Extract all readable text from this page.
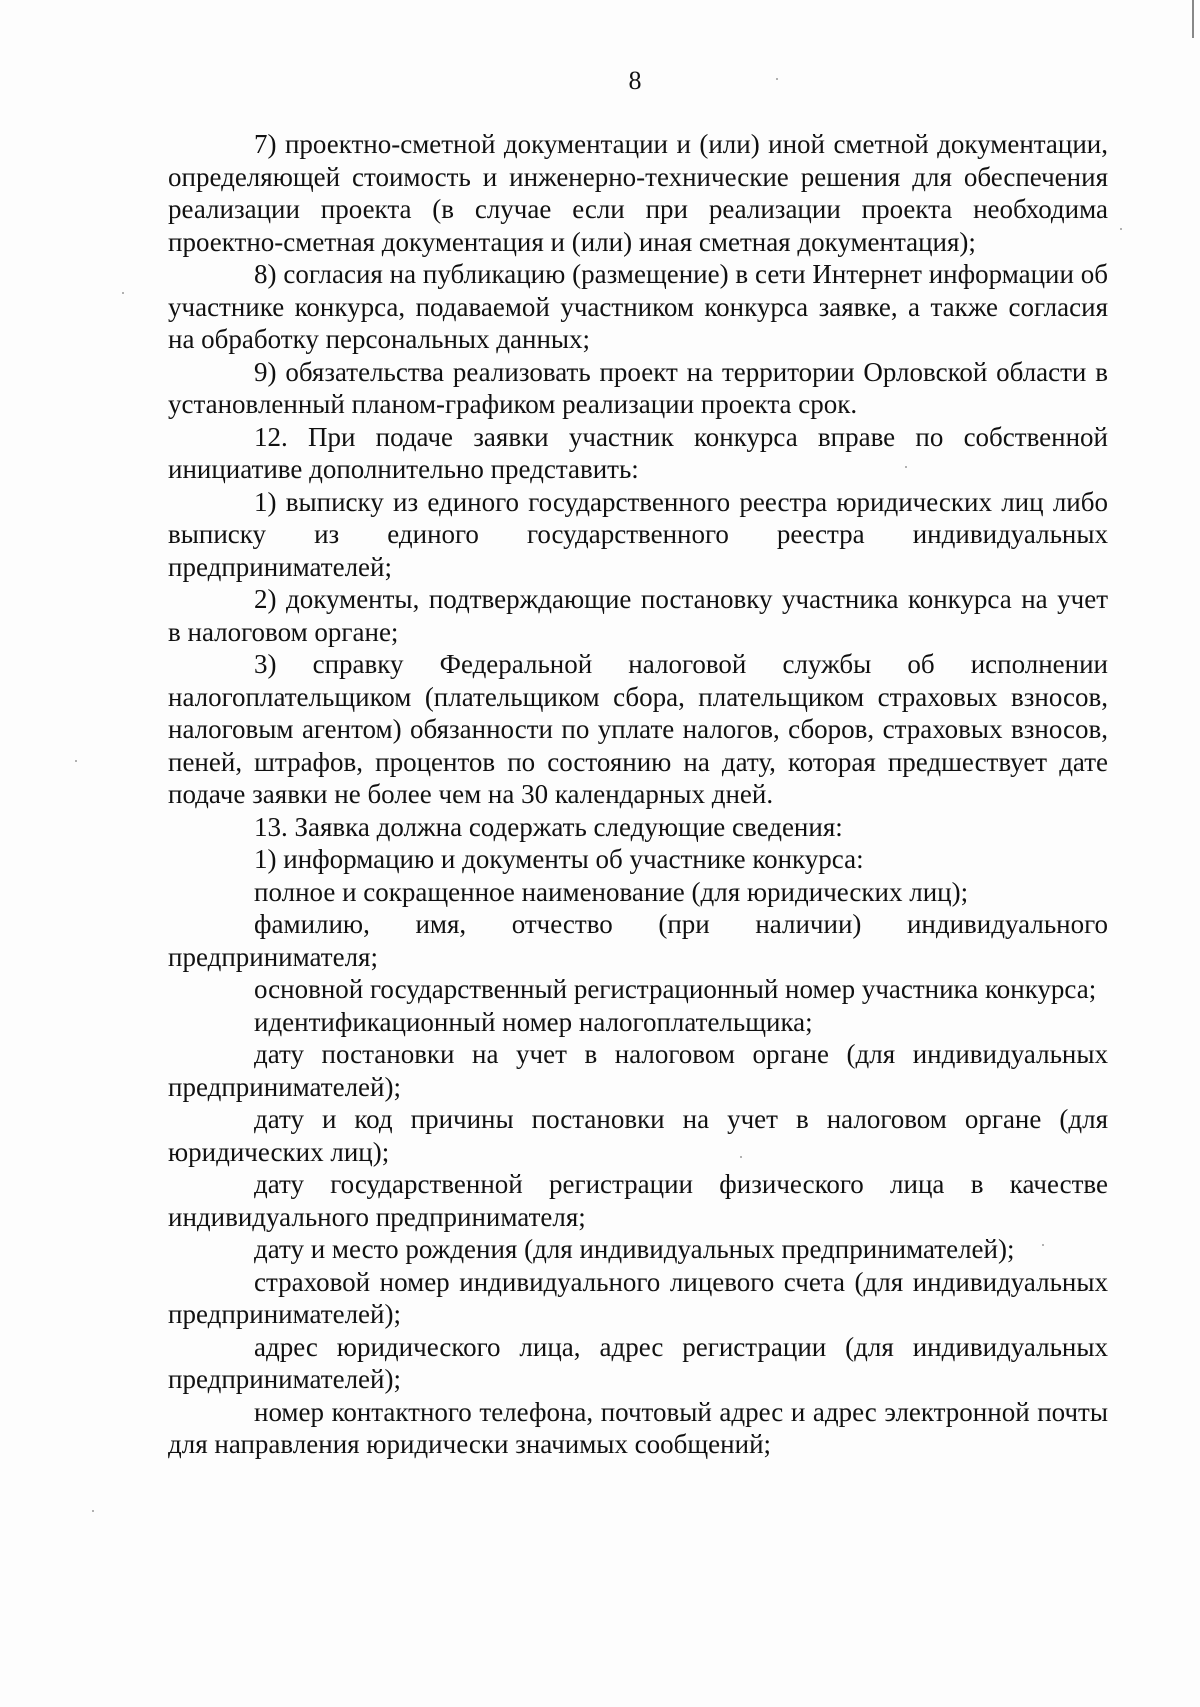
8

7) проектно-сметной документации и (или) иной сметной документации, определяющей стоимость и инженерно-технические решения для обеспечения реализации проекта (в случае если при реализации проекта необходима проектно-сметная документация и (или) иная сметная документация);

8) согласия на публикацию (размещение) в сети Интернет информации об участнике конкурса, подаваемой участником конкурса заявке, а также согласия на обработку персональных данных;

9) обязательства реализовать проект на территории Орловской области в установленный планом-графиком реализации проекта срок.

12. При подаче заявки участник конкурса вправе по собственной инициативе дополнительно представить:

1) выписку из единого государственного реестра юридических лиц либо выписку из единого государственного реестра индивидуальных предпринимателей;

2) документы, подтверждающие постановку участника конкурса на учет в налоговом органе;

3) справку Федеральной налоговой службы об исполнении налогоплательщиком (плательщиком сбора, плательщиком страховых взносов, налоговым агентом) обязанности по уплате налогов, сборов, страховых взносов, пеней, штрафов, процентов по состоянию на дату, которая предшествует дате подаче заявки не более чем на 30 календарных дней.

13. Заявка должна содержать следующие сведения:

1) информацию и документы об участнике конкурса:

полное и сокращенное наименование (для юридических лиц);

фамилию, имя, отчество (при наличии) индивидуального предпринимателя;

основной государственный регистрационный номер участника конкурса;

идентификационный номер налогоплательщика;

дату постановки на учет в налоговом органе (для индивидуальных предпринимателей);

дату и код причины постановки на учет в налоговом органе (для юридических лиц);

дату государственной регистрации физического лица в качестве индивидуального предпринимателя;

дату и место рождения (для индивидуальных предпринимателей);

страховой номер индивидуального лицевого счета (для индивидуальных предпринимателей);

адрес юридического лица, адрес регистрации (для индивидуальных предпринимателей);

номер контактного телефона, почтовый адрес и адрес электронной почты для направления юридически значимых сообщений;
